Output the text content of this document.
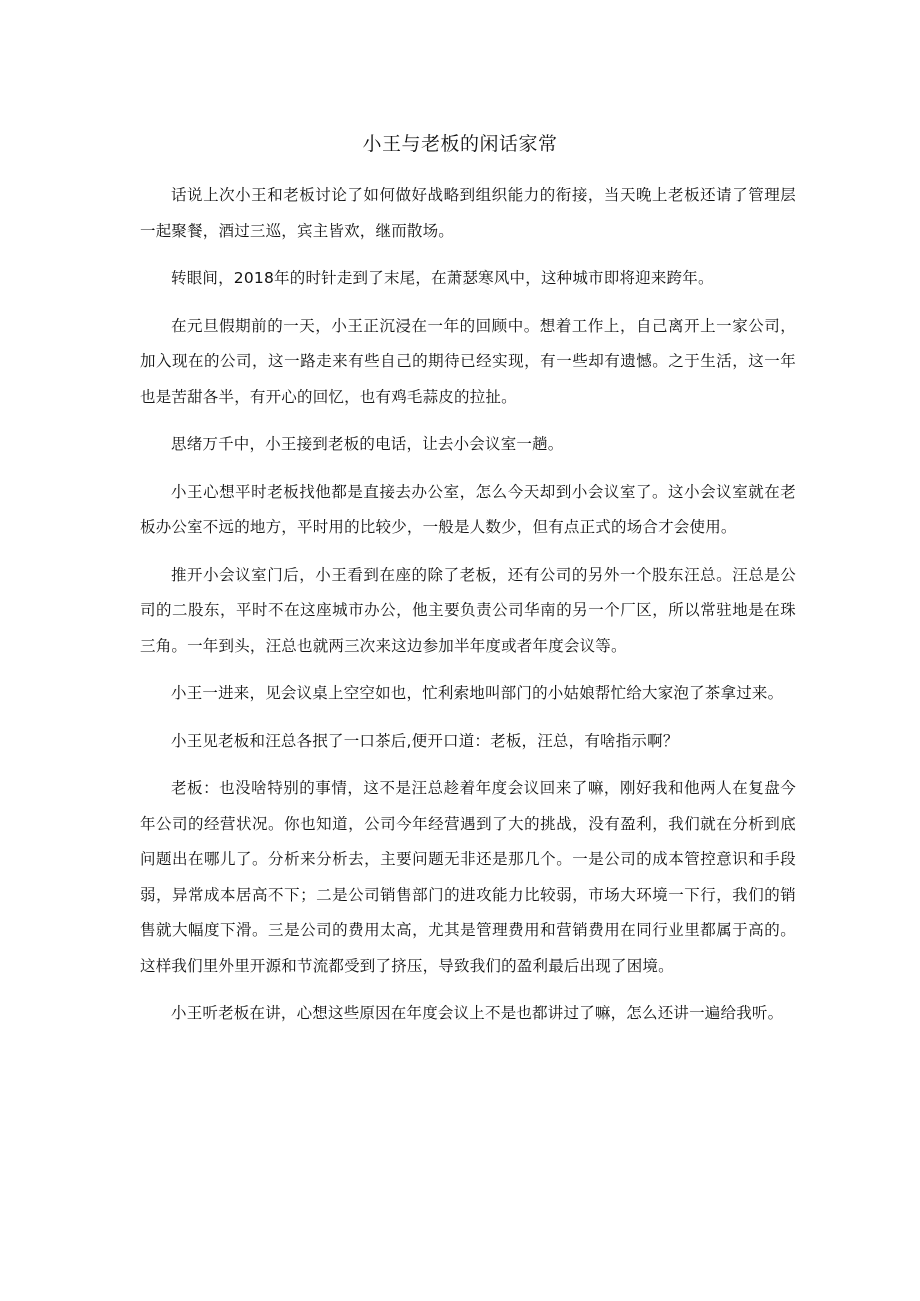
小王与老板的闲话家常

话说上次小王和老板讨论了如何做好战略到组织能力的衔接，当天晚上老板还请了管理层一起聚餐，酒过三巡，宾主皆欢，继而散场。

转眼间，2018年的时针走到了末尾，在萧瑟寒风中，这种城市即将迎来跨年。

在元旦假期前的一天，小王正沉浸在一年的回顾中。想着工作上，自己离开上一家公司，加入现在的公司，这一路走来有些自己的期待已经实现，有一些却有遗憾。之于生活，这一年也是苦甜各半，有开心的回忆，也有鸡毛蒜皮的拉扯。

思绪万千中，小王接到老板的电话，让去小会议室一趟。

小王心想平时老板找他都是直接去办公室，怎么今天却到小会议室了。这小会议室就在老板办公室不远的地方，平时用的比较少，一般是人数少，但有点正式的场合才会使用。

推开小会议室门后，小王看到在座的除了老板，还有公司的另外一个股东汪总。汪总是公司的二股东，平时不在这座城市办公，他主要负责公司华南的另一个厂区，所以常驻地是在珠三角。一年到头，汪总也就两三次来这边参加半年度或者年度会议等。

小王一进来，见会议桌上空空如也，忙利索地叫部门的小姑娘帮忙给大家泡了茶拿过来。

小王见老板和汪总各抿了一口茶后,便开口道：老板，汪总，有啥指示啊？

老板：也没啥特别的事情，这不是汪总趁着年度会议回来了嘛，刚好我和他两人在复盘今年公司的经营状况。你也知道，公司今年经营遇到了大的挑战，没有盈利，我们就在分析到底问题出在哪儿了。分析来分析去，主要问题无非还是那几个。一是公司的成本管控意识和手段弱，异常成本居高不下；二是公司销售部门的进攻能力比较弱，市场大环境一下行，我们的销售就大幅度下滑。三是公司的费用太高，尤其是管理费用和营销费用在同行业里都属于高的。这样我们里外里开源和节流都受到了挤压，导致我们的盈利最后出现了困境。

小王听老板在讲，心想这些原因在年度会议上不是也都讲过了嘛，怎么还讲一遍给我听。
